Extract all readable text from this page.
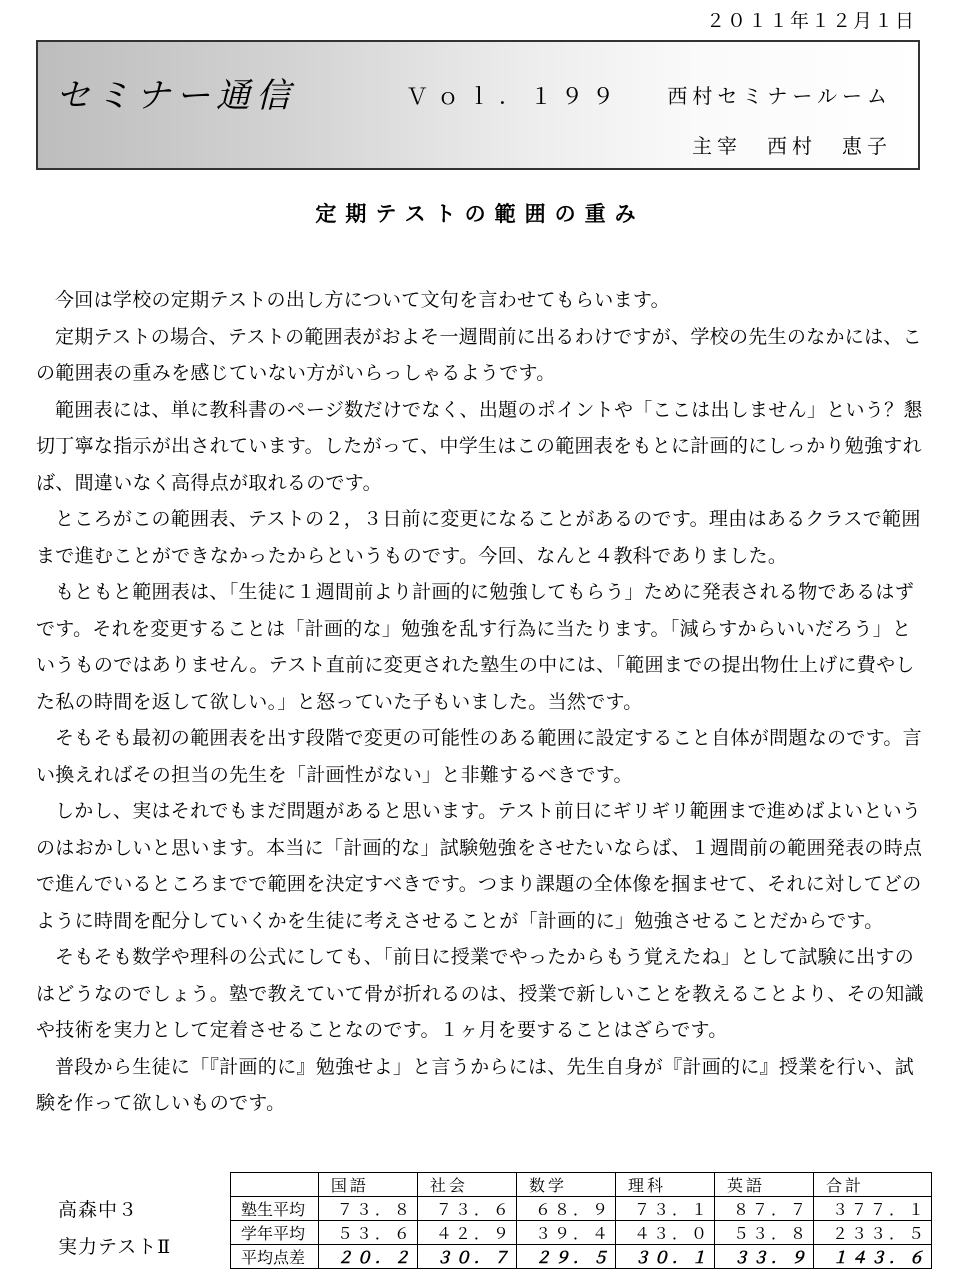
２０１１年１２月１日
セミナー通信	Ｖｏｌ．１９９ 西村セミナールーム
主宰　西村　恵子
定期テストの範囲の重み

今回は学校の定期テストの出し方について文句を言わせてもらいます。

定期テストの場合、テストの範囲表がおよそ一週間前に出るわけですが、学校の先生のなかには、この範囲表の重みを感じていない方がいらっしゃるようです。

範囲表には、単に教科書のページ数だけでなく、出題のポイントや「ここは出しません」という？懇切丁寧な指示が出されています。したがって、中学生はこの範囲表をもとに計画的にしっかり勉強すれば、間違いなく高得点が取れるのです。

ところがこの範囲表、テストの２，３日前に変更になることがあるのです。理由はあるクラスで範囲まで進むことができなかったからというものです。今回、なんと４教科でありました。

もともと範囲表は、「生徒に１週間前より計画的に勉強してもらう」ために発表される物であるはずです。それを変更することは「計画的な」勉強を乱す行為に当たります。「減らすからいいだろう」というものではありません。テスト直前に変更された塾生の中には、「範囲までの提出物仕上げに費やした私の時間を返して欲しい。」と怒っていた子もいました。当然です。

そもそも最初の範囲表を出す段階で変更の可能性のある範囲に設定すること自体が問題なのです。言い換えればその担当の先生を「計画性がない」と非難するべきです。

しかし、実はそれでもまだ問題があると思います。テスト前日にギリギリ範囲まで進めばよいというのはおかしいと思います。本当に「計画的な」試験勉強をさせたいならば、１週間前の範囲発表の時点で進んでいるところまでで範囲を決定すべきです。つまり課題の全体像を掴ませて、それに対してどのように時間を配分していくかを生徒に考えさせることが「計画的に」勉強させることだからです。

そもそも数学や理科の公式にしても、「前日に授業でやったからもう覚えたね」として試験に出すのはどうなのでしょう。塾で教えていて骨が折れるのは、授業で新しいことを教えることより、その知識や技術を実力として定着させることなのです。１ヶ月を要することはざらです。

普段から生徒に「『計画的に』勉強せよ」と言うからには、先生自身が『計画的に』授業を行い、試験を作って欲しいものです。

高森中３
実力テストⅡ
	国語	社会	数学	理科	英語	合計
塾生平均	７３．８	７３．６	６８．９	７３．１	８７．７	３７７．１
学年平均	５３．６	４２．９	３９．４	４３．０	５３．８	２３３．５
平均点差	２０．２	３０．７	２９．５	３０．１	３３．９	１４３．６
